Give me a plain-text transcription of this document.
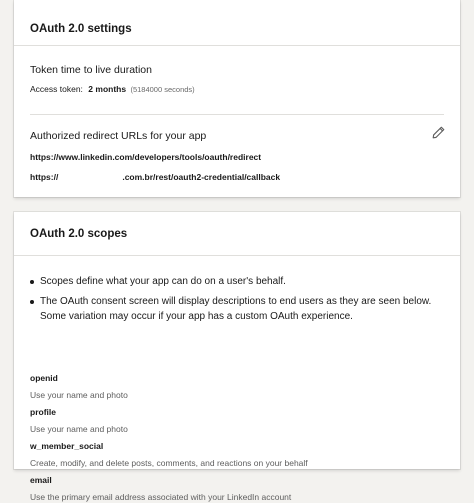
OAuth 2.0 settings
Token time to live duration
Access token: 2 months (5184000 seconds)
Authorized redirect URLs for your app
https://www.linkedin.com/developers/tools/oauth/redirect
https://	.com.br/rest/oauth2-credential/callback
OAuth 2.0 scopes
Scopes define what your app can do on a user's behalf.
The OAuth consent screen will display descriptions to end users as they are seen below. Some variation may occur if your app has a custom OAuth experience.
openid
Use your name and photo
profile
Use your name and photo
w_member_social
Create, modify, and delete posts, comments, and reactions on your behalf
email
Use the primary email address associated with your LinkedIn account
